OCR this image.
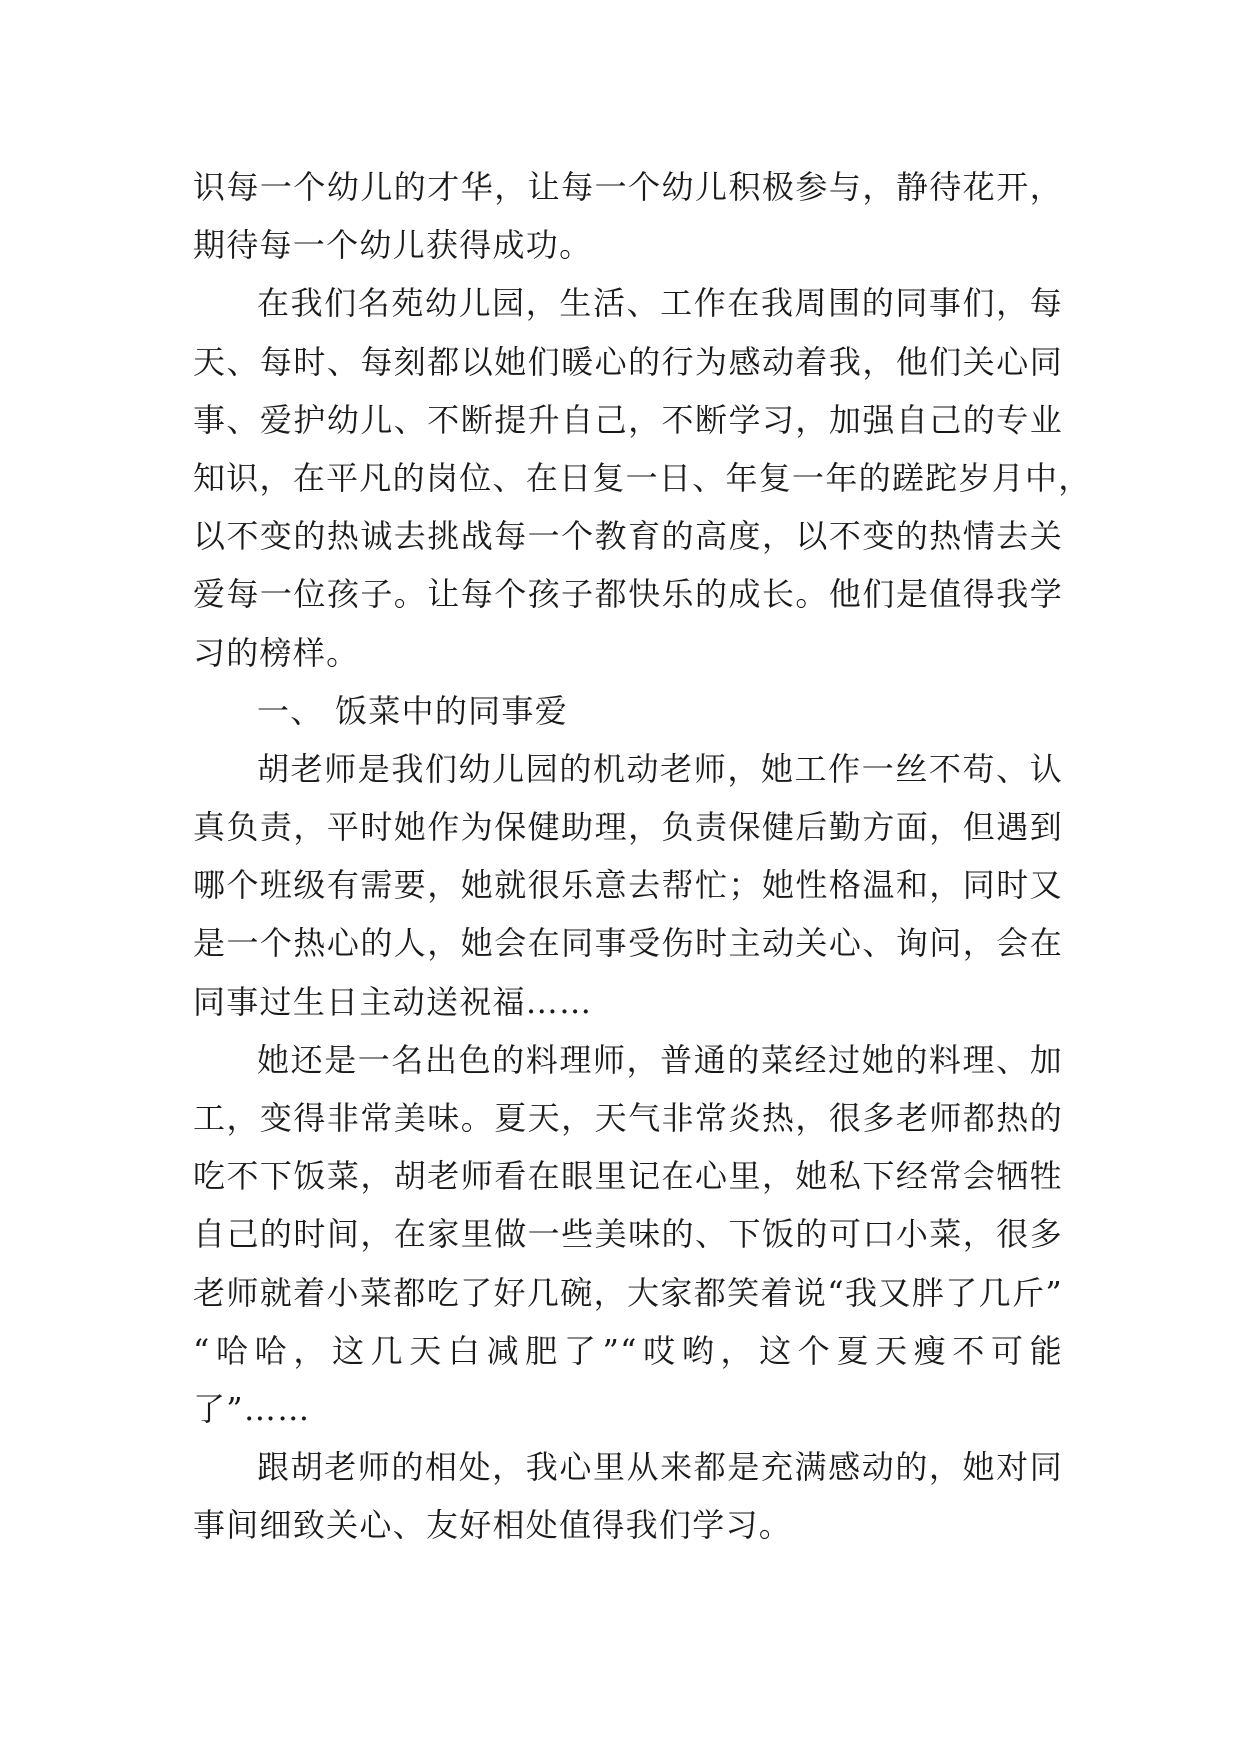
识每一个幼儿的才华，让每一个幼儿积极参与，静待花开，
期待每一个幼儿获得成功。
在我们名苑幼儿园，生活、工作在我周围的同事们，每
天、每时、每刻都以她们暖心的行为感动着我，他们关心同
事、爱护幼儿、不断提升自己，不断学习，加强自己的专业
知识，在平凡的岗位、在日复一日、年复一年的蹉跎岁月中，
以不变的热诚去挑战每一个教育的高度，以不变的热情去关
爱每一位孩子。让每个孩子都快乐的成长。他们是值得我学
习的榜样。
一、 饭菜中的同事爱
胡老师是我们幼儿园的机动老师，她工作一丝不苟、认
真负责，平时她作为保健助理，负责保健后勤方面，但遇到
哪个班级有需要，她就很乐意去帮忙；她性格温和，同时又
是一个热心的人，她会在同事受伤时主动关心、询问，会在
同事过生日主动送祝福……
她还是一名出色的料理师，普通的菜经过她的料理、加
工，变得非常美味。夏天，天气非常炎热，很多老师都热的
吃不下饭菜，胡老师看在眼里记在心里，她私下经常会牺牲
自己的时间，在家里做一些美味的、下饭的可口小菜，很多
老师就着小菜都吃了好几碗，大家都笑着说“我又胖了几斤”
“哈哈，这几天白减肥了”“哎哟，这个夏天瘦不可能
了”……
跟胡老师的相处，我心里从来都是充满感动的，她对同
事间细致关心、友好相处值得我们学习。
